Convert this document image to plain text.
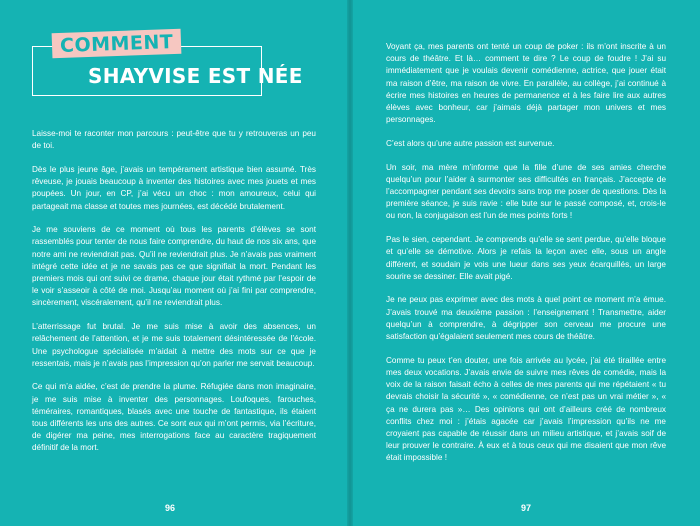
COMMENT
SHAYVISE EST NÉE

Laisse-moi te raconter mon parcours : peut-être que tu y retrouveras un peu de toi.

Dès le plus jeune âge, j’avais un tempérament artistique bien assumé. Très rêveuse, je jouais beaucoup à inventer des histoires avec mes jouets et mes poupées. Un jour, en CP, j’ai vécu un choc : mon amoureux, celui qui partageait ma classe et toutes mes journées, est décédé brutalement.

Je me souviens de ce moment où tous les parents d’élèves se sont rassemblés pour tenter de nous faire comprendre, du haut de nos six ans, que notre ami ne reviendrait pas. Qu’il ne reviendrait plus. Je n’avais pas vraiment intégré cette idée et je ne savais pas ce que signifiait la mort. Pendant les premiers mois qui ont suivi ce drame, chaque jour était rythmé par l’espoir de le voir s’asseoir à côté de moi. Jusqu’au moment où j’ai fini par comprendre, sincèrement, viscéralement, qu’il ne reviendrait plus.

L’atterrissage fut brutal. Je me suis mise à avoir des absences, un relâchement de l’attention, et je me suis totalement désintéressée de l’école. Une psychologue spécialisée m’aidait à mettre des mots sur ce que je ressentais, mais je n’avais pas l’impression qu’on parler me servait beaucoup.

Ce qui m’a aidée, c’est de prendre la plume. Réfugiée dans mon imaginaire, je me suis mise à inventer des personnages. Loufoques, farouches, téméraires, romantiques, blasés avec une touche de fantastique, ils étaient tous différents les uns des autres. Ce sont eux qui m’ont permis, via l’écriture, de digérer ma peine, mes interrogations face au caractère tragiquement définitif de la mort.

96

Voyant ça, mes parents ont tenté un coup de poker : ils m’ont inscrite à un cours de théâtre. Et là… comment te dire ? Le coup de foudre ! J’ai su immédiatement que je voulais devenir comédienne, actrice, que jouer était ma raison d’être, ma raison de vivre. En parallèle, au collège, j’ai continué à écrire mes histoires en heures de permanence et à les faire lire aux autres élèves avec bonheur, car j’aimais déjà partager mon univers et mes personnages.

C’est alors qu’une autre passion est survenue.

Un soir, ma mère m’informe que la fille d’une de ses amies cherche quelqu’un pour l’aider à surmonter ses difficultés en français. J’accepte de l’accompagner pendant ses devoirs sans trop me poser de questions. Dès la première séance, je suis ravie : elle bute sur le passé composé, et, crois-le ou non, la conjugaison est l’un de mes points forts !

Pas le sien, cependant. Je comprends qu’elle se sent perdue, qu’elle bloque et qu’elle se démotive. Alors je refais la leçon avec elle, sous un angle différent, et soudain je vois une lueur dans ses yeux écarquillés, un large sourire se dessiner. Elle avait pigé.

Je ne peux pas exprimer avec des mots à quel point ce moment m’a émue. J’avais trouvé ma deuxième passion : l’enseignement ! Transmettre, aider quelqu’un à comprendre, à dégripper son cerveau me procure une satisfaction qu’égalaient seulement mes cours de théâtre.

Comme tu peux t’en douter, une fois arrivée au lycée, j’ai été tiraillée entre mes deux vocations. J’avais envie de suivre mes rêves de comédie, mais la voix de la raison faisait écho à celles de mes parents qui me répétaient « tu devrais choisir la sécurité », « comédienne, ce n’est pas un vrai métier », « ça ne durera pas »… Des opinions qui ont d’ailleurs créé de nombreux conflits chez moi : j’étais agacée car j’avais l’impression qu’ils ne me croyaient pas capable de réussir dans un milieu artistique, et j’avais soif de leur prouver le contraire. À eux et à tous ceux qui me disaient que mon rêve était impossible !

97
